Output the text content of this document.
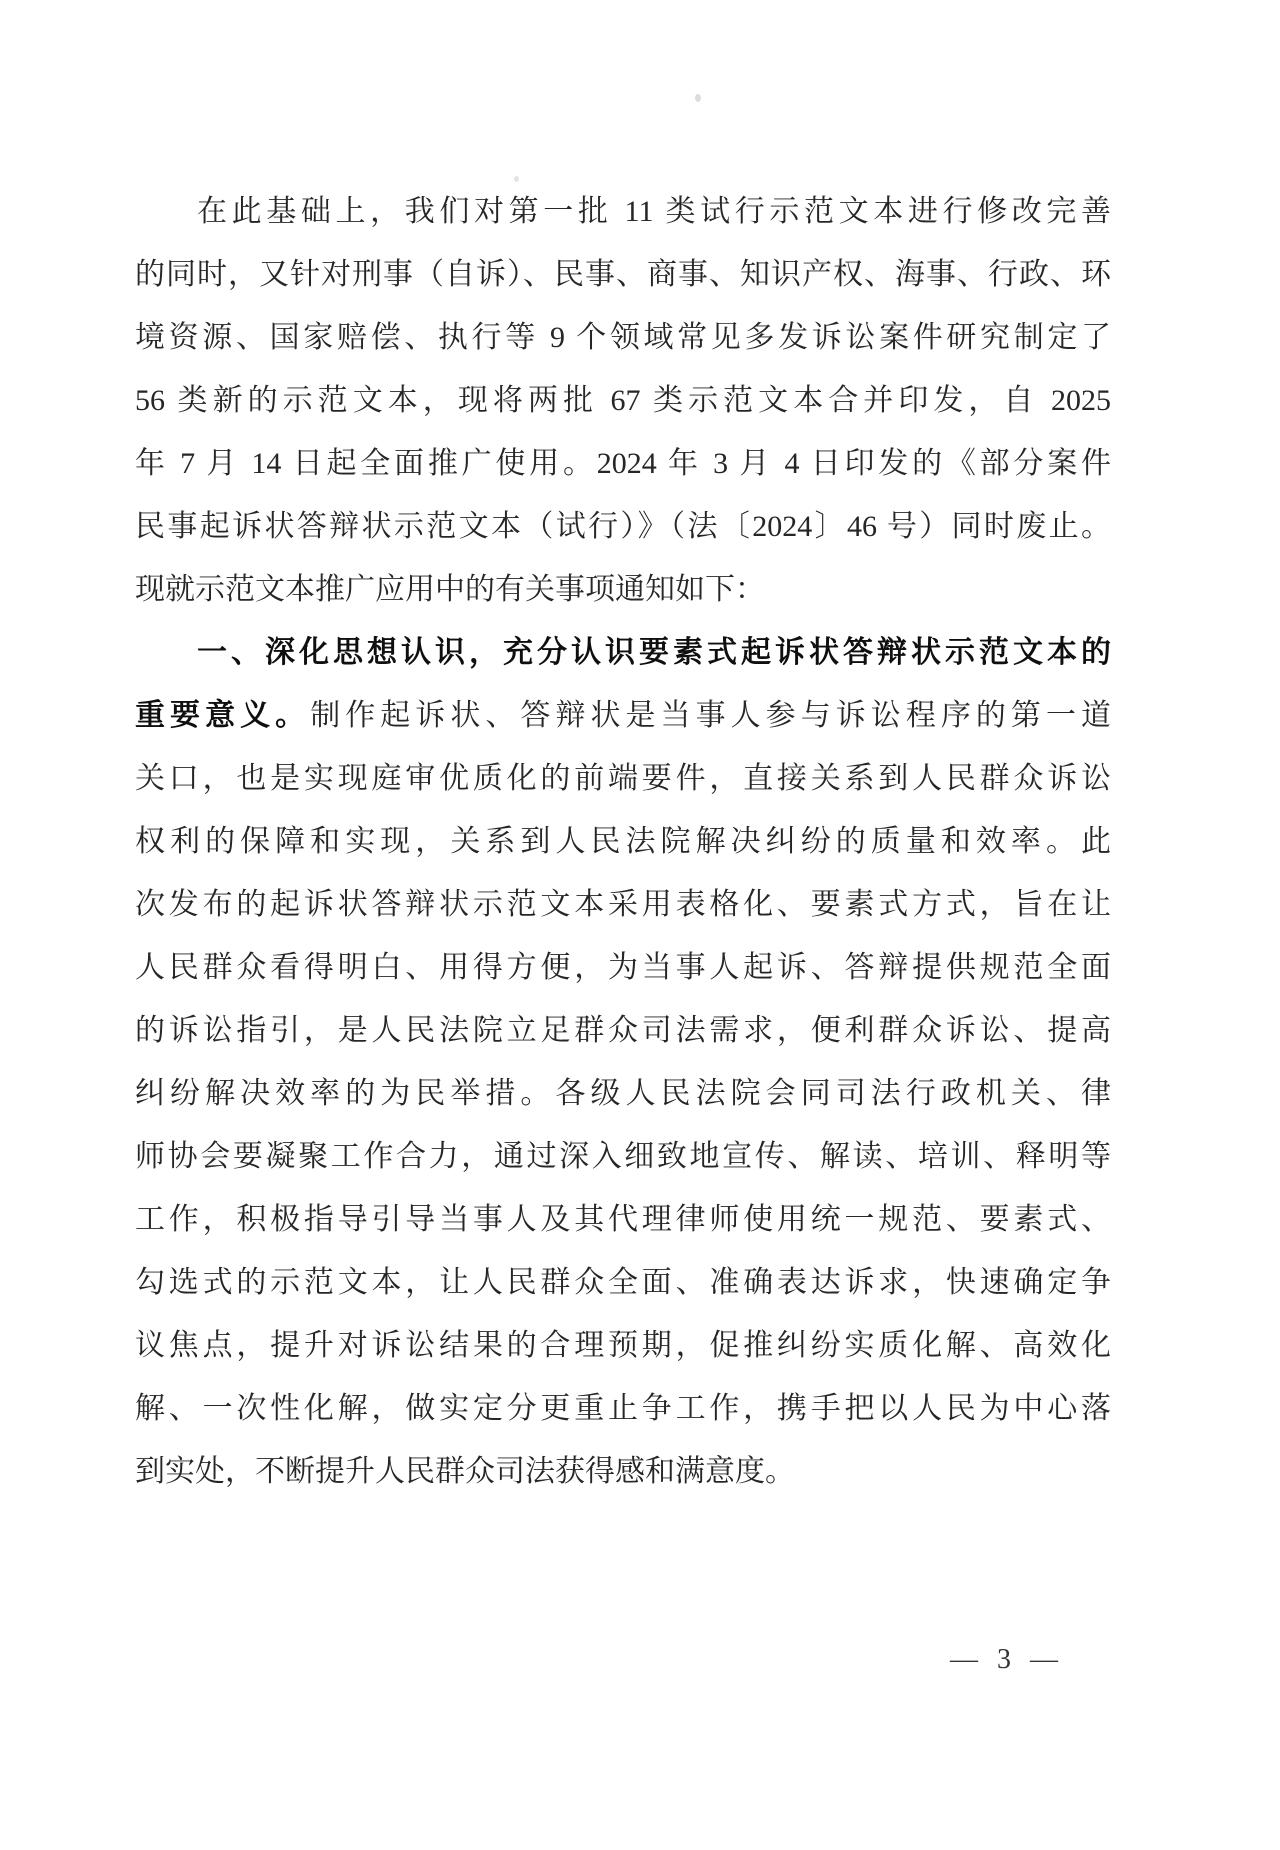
在此基础上，我们对第一批 11 类试行示范文本进行修改完善
的同时，又针对刑事（自诉）、民事、商事、知识产权、海事、行政、环
境资源、国家赔偿、执行等 9 个领域常见多发诉讼案件研究制定了
56 类新的示范文本，现将两批 67 类示范文本合并印发，自 2025
年 7 月 14 日起全面推广使用。2024 年 3 月 4 日印发的《部分案件
民事起诉状答辩状示范文本（试行）》（法〔2024〕46 号）同时废止。
现就示范文本推广应用中的有关事项通知如下：
一、深化思想认识，充分认识要素式起诉状答辩状示范文本的
重要意义。制作起诉状、答辩状是当事人参与诉讼程序的第一道
关口，也是实现庭审优质化的前端要件，直接关系到人民群众诉讼
权利的保障和实现，关系到人民法院解决纠纷的质量和效率。此
次发布的起诉状答辩状示范文本采用表格化、要素式方式，旨在让
人民群众看得明白、用得方便，为当事人起诉、答辩提供规范全面
的诉讼指引，是人民法院立足群众司法需求，便利群众诉讼、提高
纠纷解决效率的为民举措。各级人民法院会同司法行政机关、律
师协会要凝聚工作合力，通过深入细致地宣传、解读、培训、释明等
工作，积极指导引导当事人及其代理律师使用统一规范、要素式、
勾选式的示范文本，让人民群众全面、准确表达诉求，快速确定争
议焦点，提升对诉讼结果的合理预期，促推纠纷实质化解、高效化
解、一次性化解，做实定分更重止争工作，携手把以人民为中心落
到实处，不断提升人民群众司法获得感和满意度。
— 3 —
